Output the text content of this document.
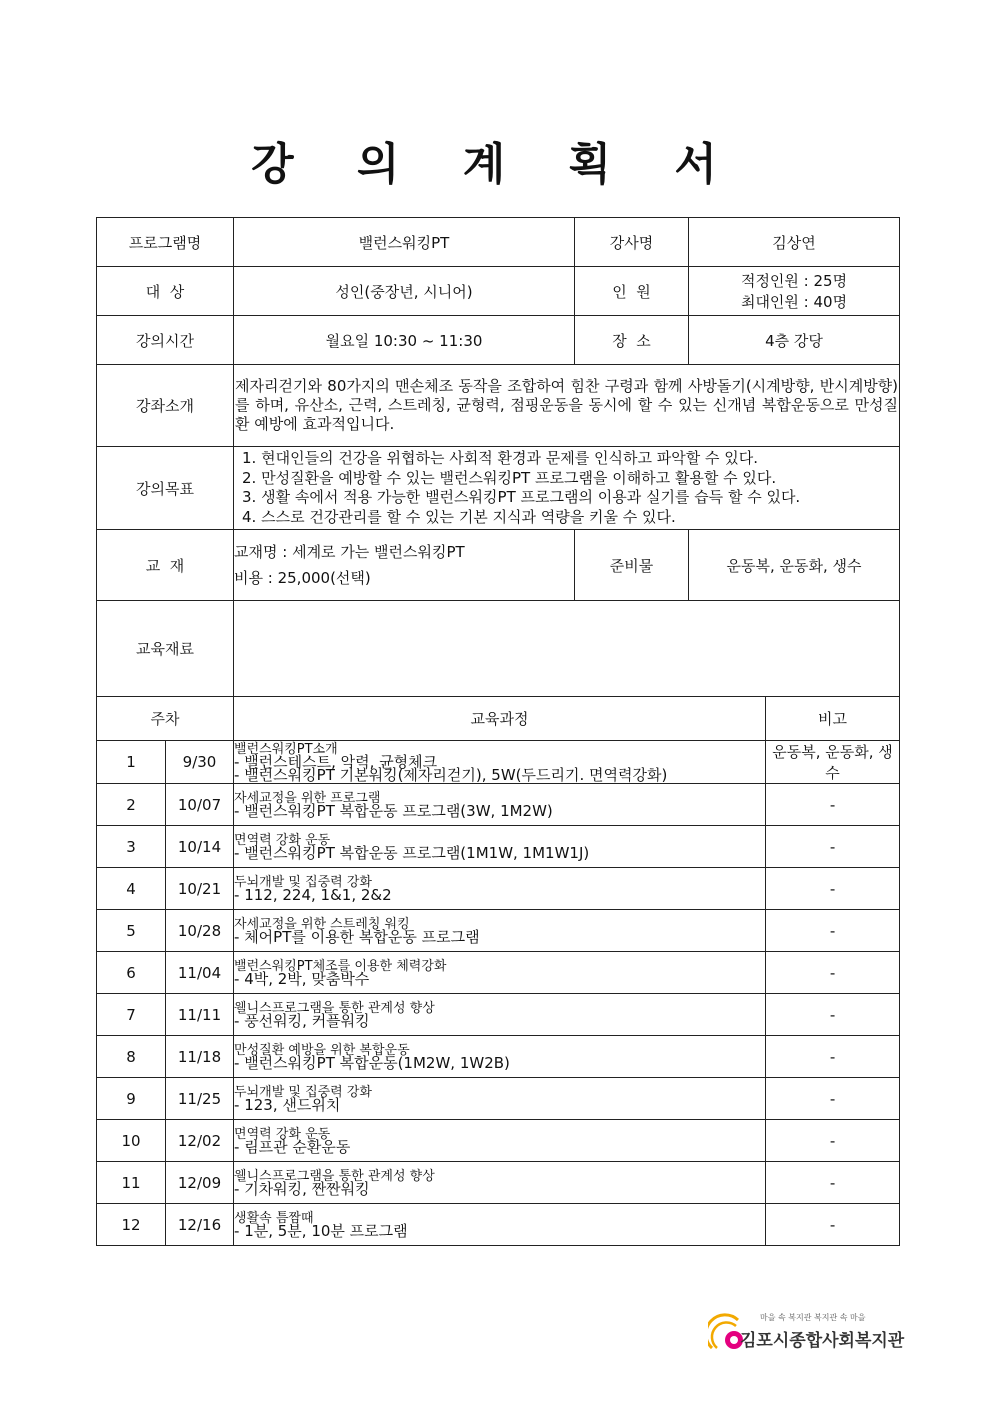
강 의 계 획 서
프로그램명		밸런스워킹PT	강사명	김상연	
대  상		성인(중장년, 시니어)	인  원	적정인원 : 25명
최대인원 : 40명	

강의시간		월요일 10:30 ~ 11:30	장  소	4층 강당	
강좌소개		제자리걷기와 80가지의 맨손체조 동작을 조합하여 힘찬 구령과 함께 사방돌기(시계방향, 반시계방향)를 하며, 유산소, 근력, 스트레칭, 균형력, 점핑운동을 동시에 할 수 있는 신개념 복합운동으로 만성질환 예방에 효과적입니다.			
강의목표		1. 현대인들의 건강을 위협하는 사회적 환경과 문제를 인식하고 파악할 수 있다.
2. 만성질환을 예방할 수 있는 밸런스워킹PT 프로그램을 이해하고 활용할 수 있다.
3. 생활 속에서 적용 가능한 밸런스워킹PT 프로그램의 이용과 실기를 습득 할 수 있다.
4. 스스로 건강관리를 할 수 있는 기본 지식과 역량을 키울 수 있다.			

교  재		교재명 : 세계로 가는 밸런스워킹PT
비용 : 25,000(선택)	준비물	운동복, 운동화, 생수	
교육재료					
주차		교육과정			비고
1	9/30	밸런스워킹PT소개
- 밸런스테스트, 악력, 균형체크
- 밸런스워킹PT 기본워킹(제자리걷기), 5W(두드리기. 면역력강화)			운동복, 운동화, 생수
2	10/07	자세교정을 위한 프로그램
- 밸런스워킹PT 복합운동 프로그램(3W, 1M2W)			-
3	10/14	면역력 강화 운동
- 밸런스워킹PT 복합운동 프로그램(1M1W, 1M1W1J)			-
4	10/21	두뇌개발 및 집중력 강화
- 112, 224, 1&1, 2&2			-
5	10/28	자세교정을 위한 스트레칭 워킹
- 체어PT를 이용한 복합운동 프로그램			-
6	11/04	밸런스워킹PT체조를 이용한 체력강화
- 4박, 2박, 맞춤박수			-
7	11/11	웰니스프로그램을 통한 관계성 향상
- 풍선워킹, 커플워킹			-
8	11/18	만성질환 예방을 위한 복합운동
- 밸런스워킹PT 복합운동(1M2W, 1W2B)			-
9	11/25	두뇌개발 및 집중력 강화
- 123, 샌드위치			-
10	12/02	면역력 강화 운동
- 림프관 순환운동			-
11	12/09	웰니스프로그램을 통한 관계성 향상
- 기차워킹, 짠짠워킹			-
12	12/16	생활속 틈짬때
- 1분, 5분, 10분 프로그램			-
마을 속 복지관 복지관 속 마을
김포시종합사회복지관
